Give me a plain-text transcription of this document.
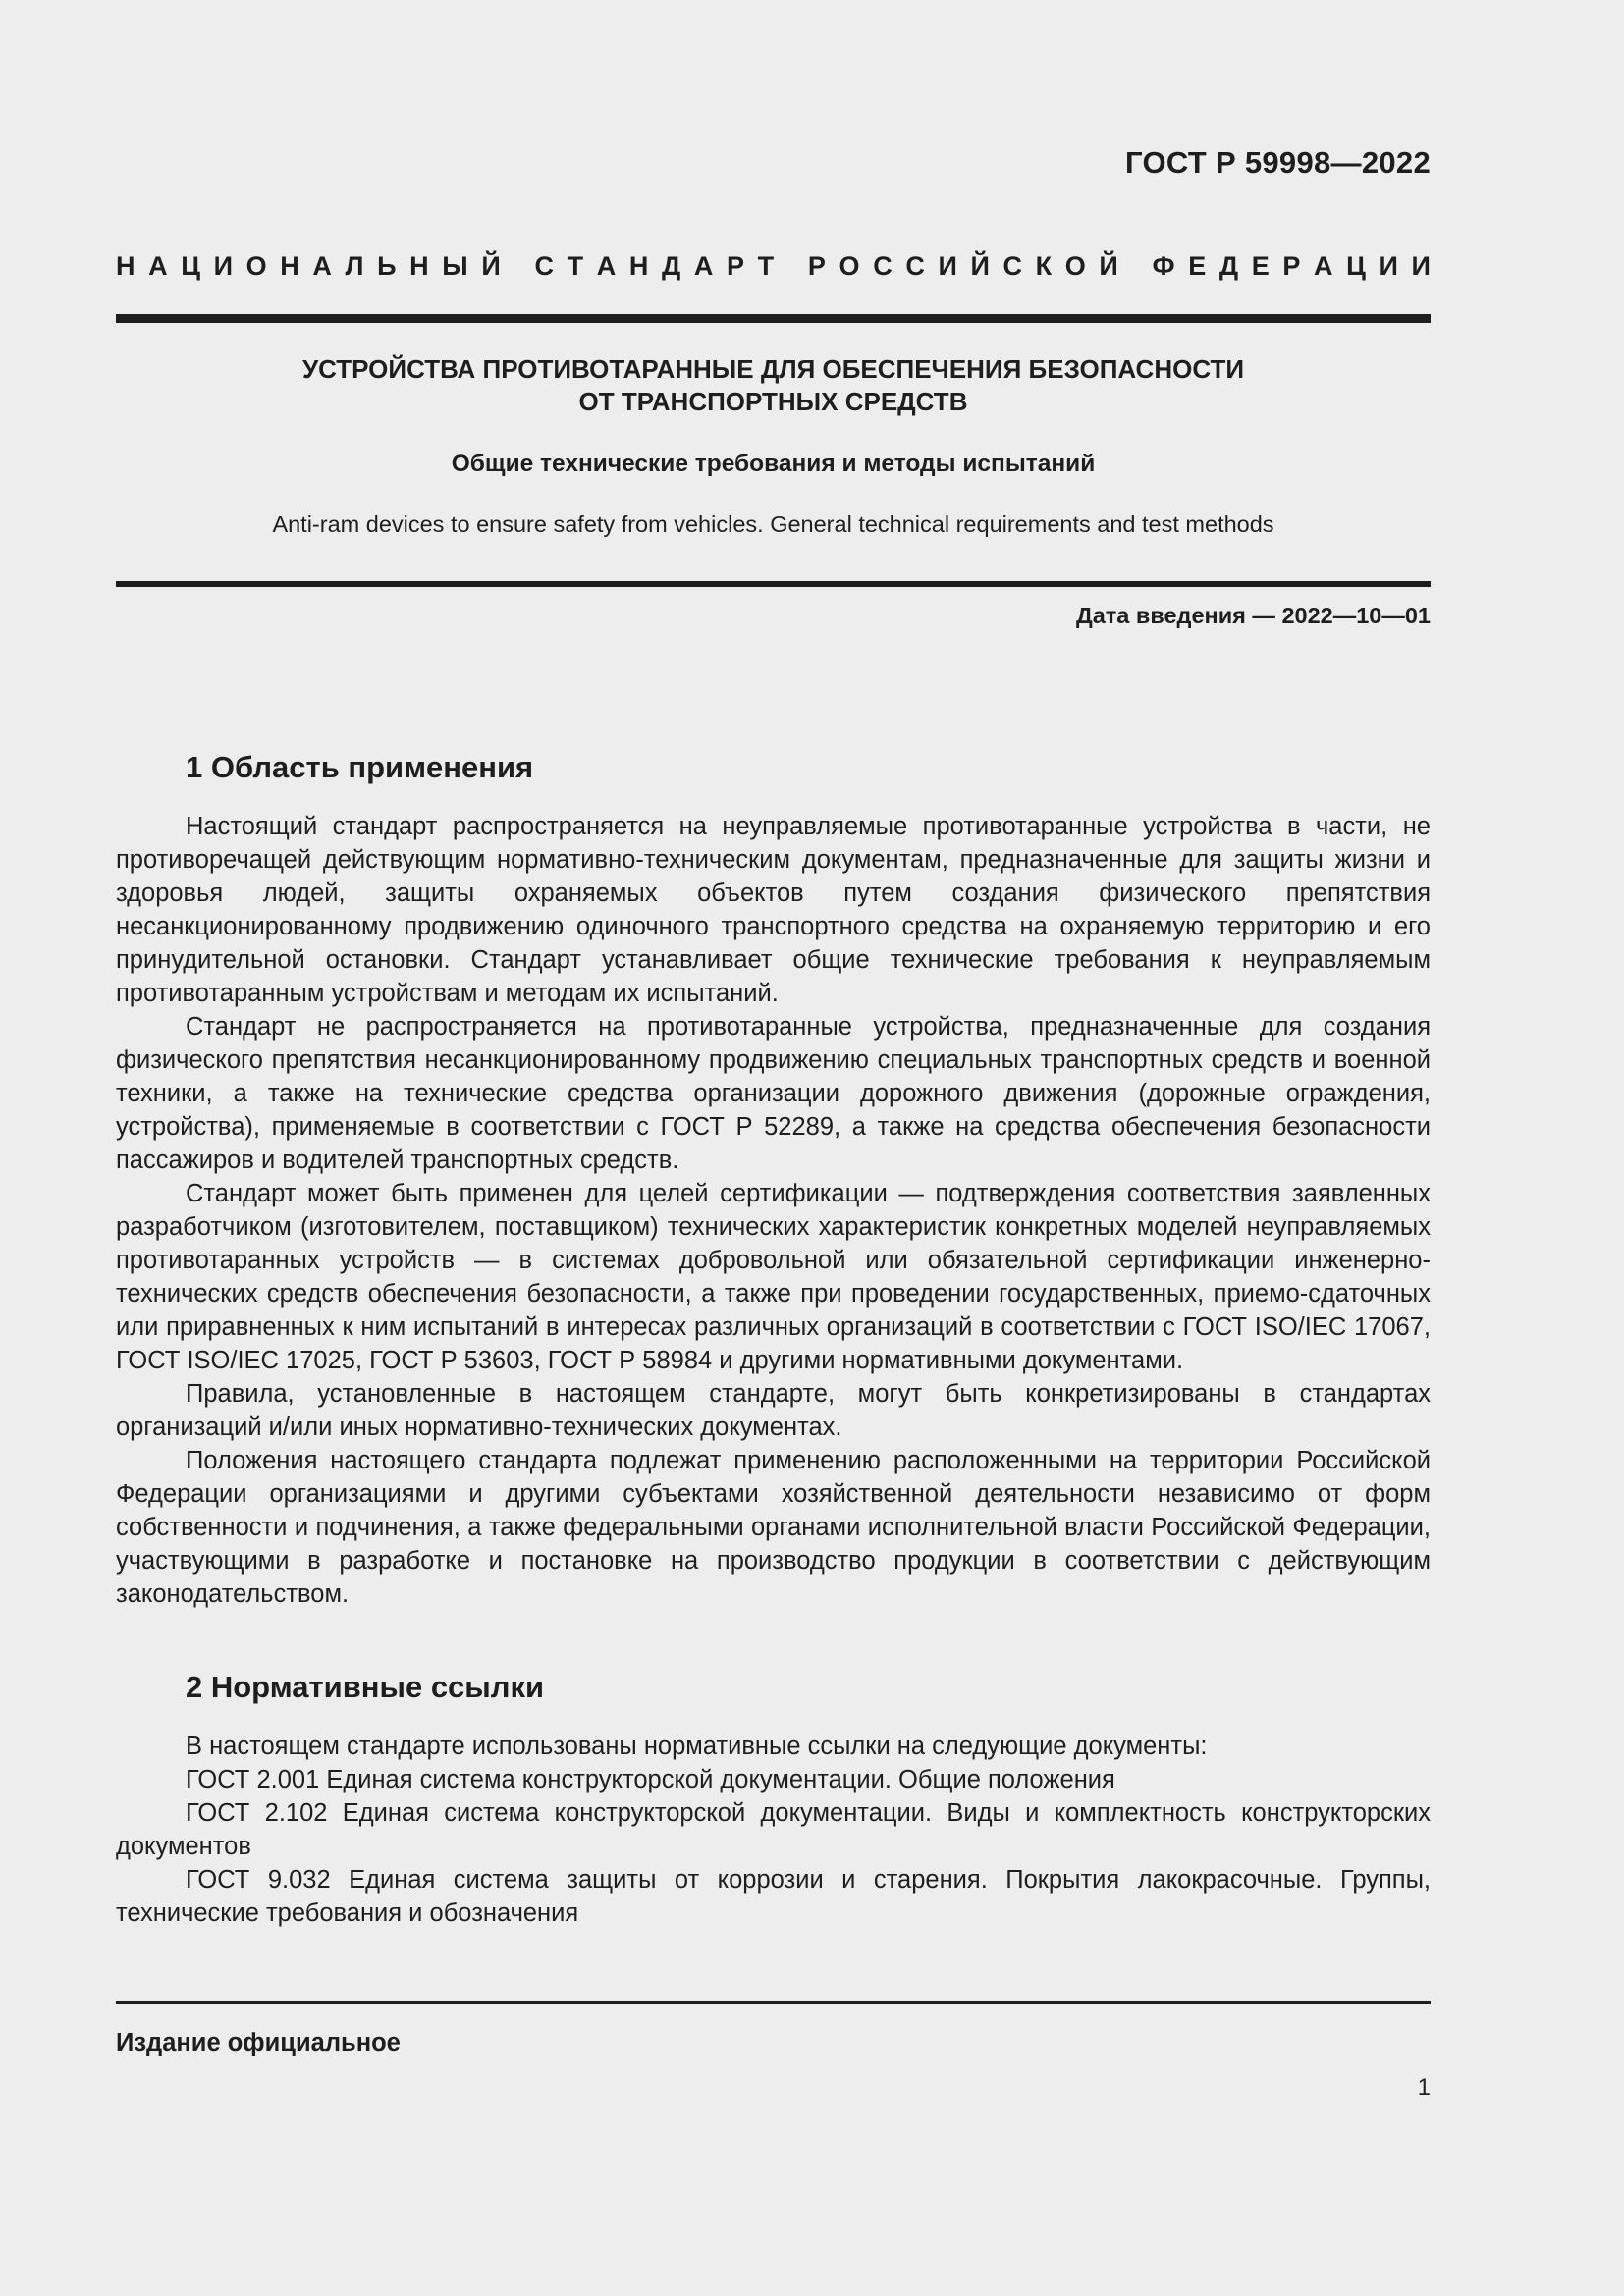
ГОСТ Р 59998—2022
Н А Ц И О Н А Л Ь Н Ы Й
С Т А Н Д А Р Т
Р О С С И Й С К О Й
Ф Е Д Е Р А Ц И И
УСТРОЙСТВА ПРОТИВОТАРАННЫЕ ДЛЯ ОБЕСПЕЧЕНИЯ БЕЗОПАСНОСТИ
ОТ ТРАНСПОРТНЫХ СРЕДСТВ
Общие технические требования и методы испытаний
Anti-ram devices to ensure safety from vehicles. General technical requirements and test methods
Дата введения — 2022—10—01
1 Область применения

Настоящий стандарт распространяется на неуправляемые противотаранные устройства в части, не противоречащей действующим нормативно-техническим документам, предназначенные для защиты жизни и здоровья людей, защиты охраняемых объектов путем создания физического препятствия несанкционированному продвижению одиночного транспортного средства на охраняемую территорию и его принудительной остановки. Стандарт устанавливает общие технические требования к неуправляемым противотаранным устройствам и методам их испытаний.

Стандарт не распространяется на противотаранные устройства, предназначенные для создания физического препятствия несанкционированному продвижению специальных транспортных средств и военной техники, а также на технические средства организации дорожного движения (дорожные ограждения, устройства), применяемые в соответствии с ГОСТ Р 52289, а также на средства обеспечения безопасности пассажиров и водителей транспортных средств.

Стандарт может быть применен для целей сертификации — подтверждения соответствия заявленных разработчиком (изготовителем, поставщиком) технических характеристик конкретных моделей неуправляемых противотаранных устройств — в системах добровольной или обязательной сертификации инженерно-технических средств обеспечения безопасности, а также при проведении государственных, приемо-сдаточных или приравненных к ним испытаний в интересах различных организаций в соответствии с ГОСТ ISO/IEC 17067, ГОСТ ISO/IEC 17025, ГОСТ Р 53603, ГОСТ Р 58984 и другими нормативными документами.

Правила, установленные в настоящем стандарте, могут быть конкретизированы в стандартах организаций и/или иных нормативно-технических документах.

Положения настоящего стандарта подлежат применению расположенными на территории Российской Федерации организациями и другими субъектами хозяйственной деятельности независимо от форм собственности и подчинения, а также федеральными органами исполнительной власти Российской Федерации, участвующими в разработке и постановке на производство продукции в соответствии с действующим законодательством.

2 Нормативные ссылки

В настоящем стандарте использованы нормативные ссылки на следующие документы:

ГОСТ 2.001 Единая система конструкторской документации. Общие положения

ГОСТ 2.102 Единая система конструкторской документации. Виды и комплектность конструкторских документов

ГОСТ 9.032 Единая система защиты от коррозии и старения. Покрытия лакокрасочные. Группы, технические требования и обозначения

Издание официальное
1
